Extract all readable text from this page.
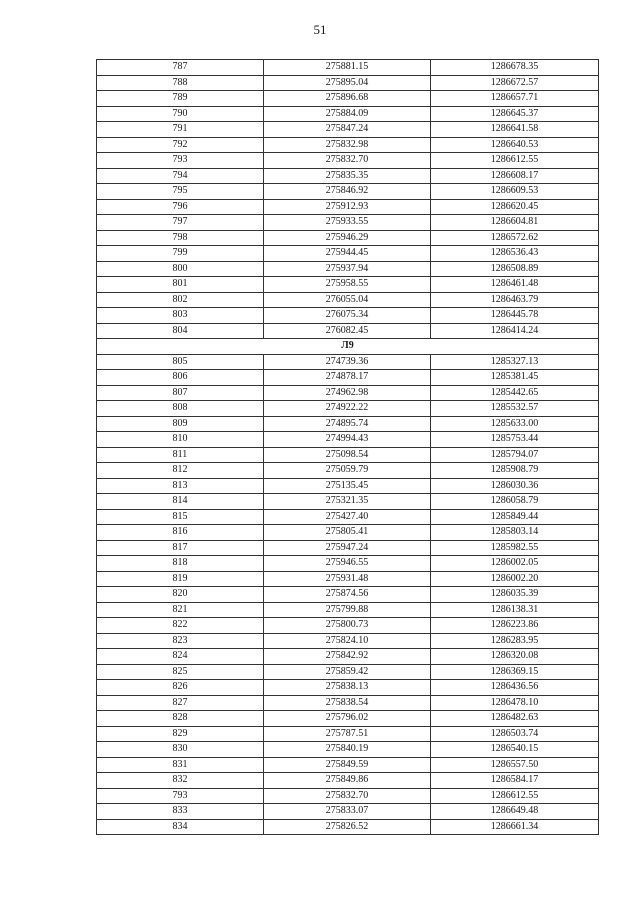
51
787	275881.15	1286678.35
788	275895.04	1286672.57
789	275896.68	1286657.71
790	275884.09	1286645.37
791	275847.24	1286641.58
792	275832.98	1286640.53
793	275832.70	1286612.55
794	275835.35	1286608.17
795	275846.92	1286609.53
796	275912.93	1286620.45
797	275933.55	1286604.81
798	275946.29	1286572.62
799	275944.45	1286536.43
800	275937.94	1286508.89
801	275958.55	1286461.48
802	276055.04	1286463.79
803	276075.34	1286445.78
804	276082.45	1286414.24
Л9		
805	274739.36	1285327.13
806	274878.17	1285381.45
807	274962.98	1285442.65
808	274922.22	1285532.57
809	274895.74	1285633.00
810	274994.43	1285753.44
811	275098.54	1285794.07
812	275059.79	1285908.79
813	275135.45	1286030.36
814	275321.35	1286058.79
815	275427.40	1285849.44
816	275805.41	1285803.14
817	275947.24	1285982.55
818	275946.55	1286002.05
819	275931.48	1286002.20
820	275874.56	1286035.39
821	275799.88	1286138.31
822	275800.73	1286223.86
823	275824.10	1286283.95
824	275842.92	1286320.08
825	275859.42	1286369.15
826	275838.13	1286436.56
827	275838.54	1286478.10
828	275796.02	1286482.63
829	275787.51	1286503.74
830	275840.19	1286540.15
831	275849.59	1286557.50
832	275849.86	1286584.17
793	275832.70	1286612.55
833	275833.07	1286649.48
834	275826.52	1286661.34
